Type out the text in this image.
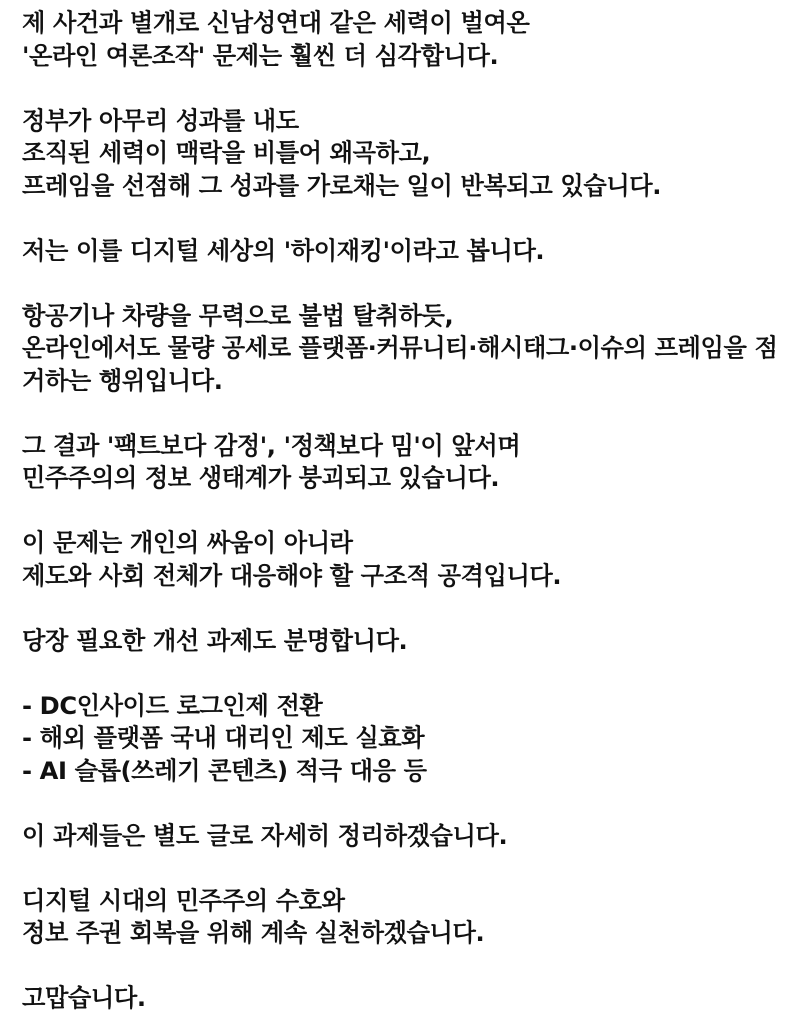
제 사건과 별개로 신남성연대 같은 세력이 벌여온
'온라인 여론조작' 문제는 훨씬 더 심각합니다.
정부가 아무리 성과를 내도
조직된 세력이 맥락을 비틀어 왜곡하고,
프레임을 선점해 그 성과를 가로채는 일이 반복되고 있습니다.
저는 이를 디지털 세상의 '하이재킹'이라고 봅니다.
항공기나 차량을 무력으로 불법 탈취하듯,
온라인에서도 물량 공세로 플랫폼·커뮤니티·해시태그·이슈의 프레임을 점
거하는 행위입니다.
그 결과 '팩트보다 감정', '정책보다 밈'이 앞서며
민주주의의 정보 생태계가 붕괴되고 있습니다.
이 문제는 개인의 싸움이 아니라
제도와 사회 전체가 대응해야 할 구조적 공격입니다.
당장 필요한 개선 과제도 분명합니다.
- DC인사이드 로그인제 전환
- 해외 플랫폼 국내 대리인 제도 실효화
- AI 슬롭(쓰레기 콘텐츠) 적극 대응 등
이 과제들은 별도 글로 자세히 정리하겠습니다.
디지털 시대의 민주주의 수호와
정보 주권 회복을 위해 계속 실천하겠습니다.
고맙습니다.
